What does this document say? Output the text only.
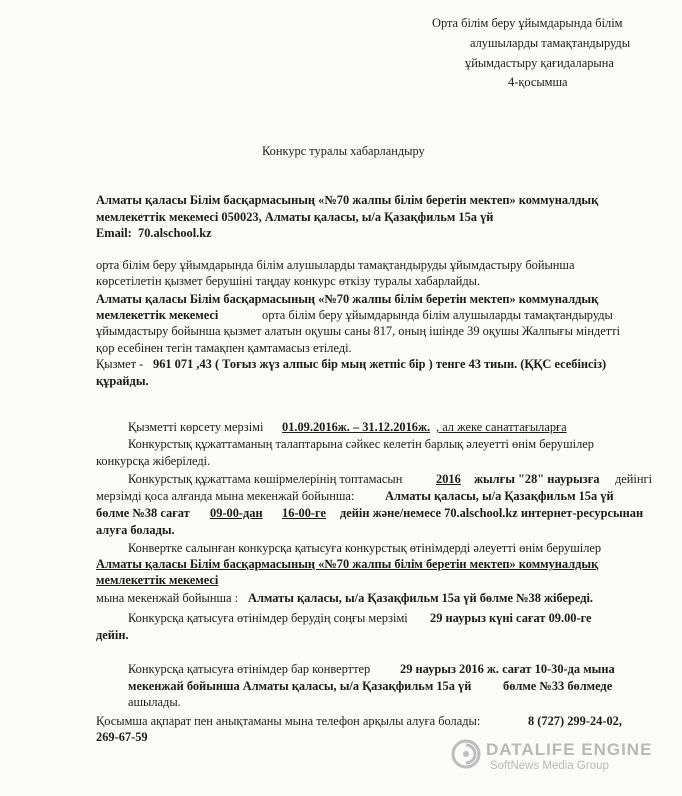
Орта білім беру ұйымдарында білім
алушыларды тамақтандыруды
ұйымдастыру қағидаларына
4-қосымша
Конкурс туралы хабарландыру
Алматы қаласы Білім басқармасының «№70 жалпы білім беретін мектеп» коммуналдық
мемлекеттік мекемесі 050023, Алматы қаласы, ы/а Қазақфильм 15а үй
Email: 70.alschool.kz
орта білім беру ұйымдарында білім алушыларды тамақтандыруды ұйымдастыру бойынша
көрсетілетін қызмет берушіні таңдау конкурс өткізу туралы хабарлайды.
Алматы қаласы Білім басқармасының «№70 жалпы білім беретін мектеп» коммуналдық
мемлекеттік мекемесі	орта білім беру ұйымдарында білім алушыларды тамақтандыруды
ұйымдастыру бойынша қызмет алатын оқушы саны 817, оның ішінде 39 оқушы Жалпығы міндетті
қор есебінен тегін тамақпен қамтамасыз етіледі.
Қызмет - 961 071 ,43 ( Тоғыз жүз алпыс бір мың жетпіс бір ) тенге 43 тиын. (ҚҚС есебінсіз)
құрайды.
Қызметті көрсету мерзімі 01.09.2016ж. – 31.12.2016ж. , ал жеке санаттағыларға
Конкурстық құжаттаманың талаптарына сәйкес келетін барлық әлеуетті өнім берушілер
конкурсқа жіберіледі.
Конкурстық құжаттама көшірмелерінің топтамасын	2016 жылғы "28" наурызға дейінгі
мерзімді қоса алғанда мына мекенжай бойынша: Алматы қаласы, ы/а Қазақфильм 15а үй
бөлме №38 сағат 09-00-дан 16-00-ге дейін және/немесе 70.alschool.kz интернет-ресурсынан
алуға болады.
Конвертке салынған конкурсқа қатысуға конкурстық өтінімдерді әлеуетті өнім берушілер
Алматы қаласы Білім басқармасының «№70 жалпы білім беретін мектеп» коммуналдық
мемлекеттік мекемесі
мына мекенжай бойынша : Алматы қаласы, ы/а Қазақфильм 15а үй бөлме №38 жібереді.
Конкурсқа қатысуға өтінімдер берудің соңғы мерзімі 29 наурыз күні сағат 09.00-ге
дейін.
Конкурсқа қатысуға өтінімдер бар конверттер 29 наурыз 2016 ж. сағат 10-30-да мына
мекенжай бойынша Алматы қаласы, ы/а Қазақфильм 15а үй	бөлме №33 бөлмеде
ашылады.
Қосымша ақпарат пен анықтаманы мына телефон арқылы алуға болады:	8 (727) 299-24-02,
269-67-59
DATALIFE ENGINE
SoftNews Media Group
